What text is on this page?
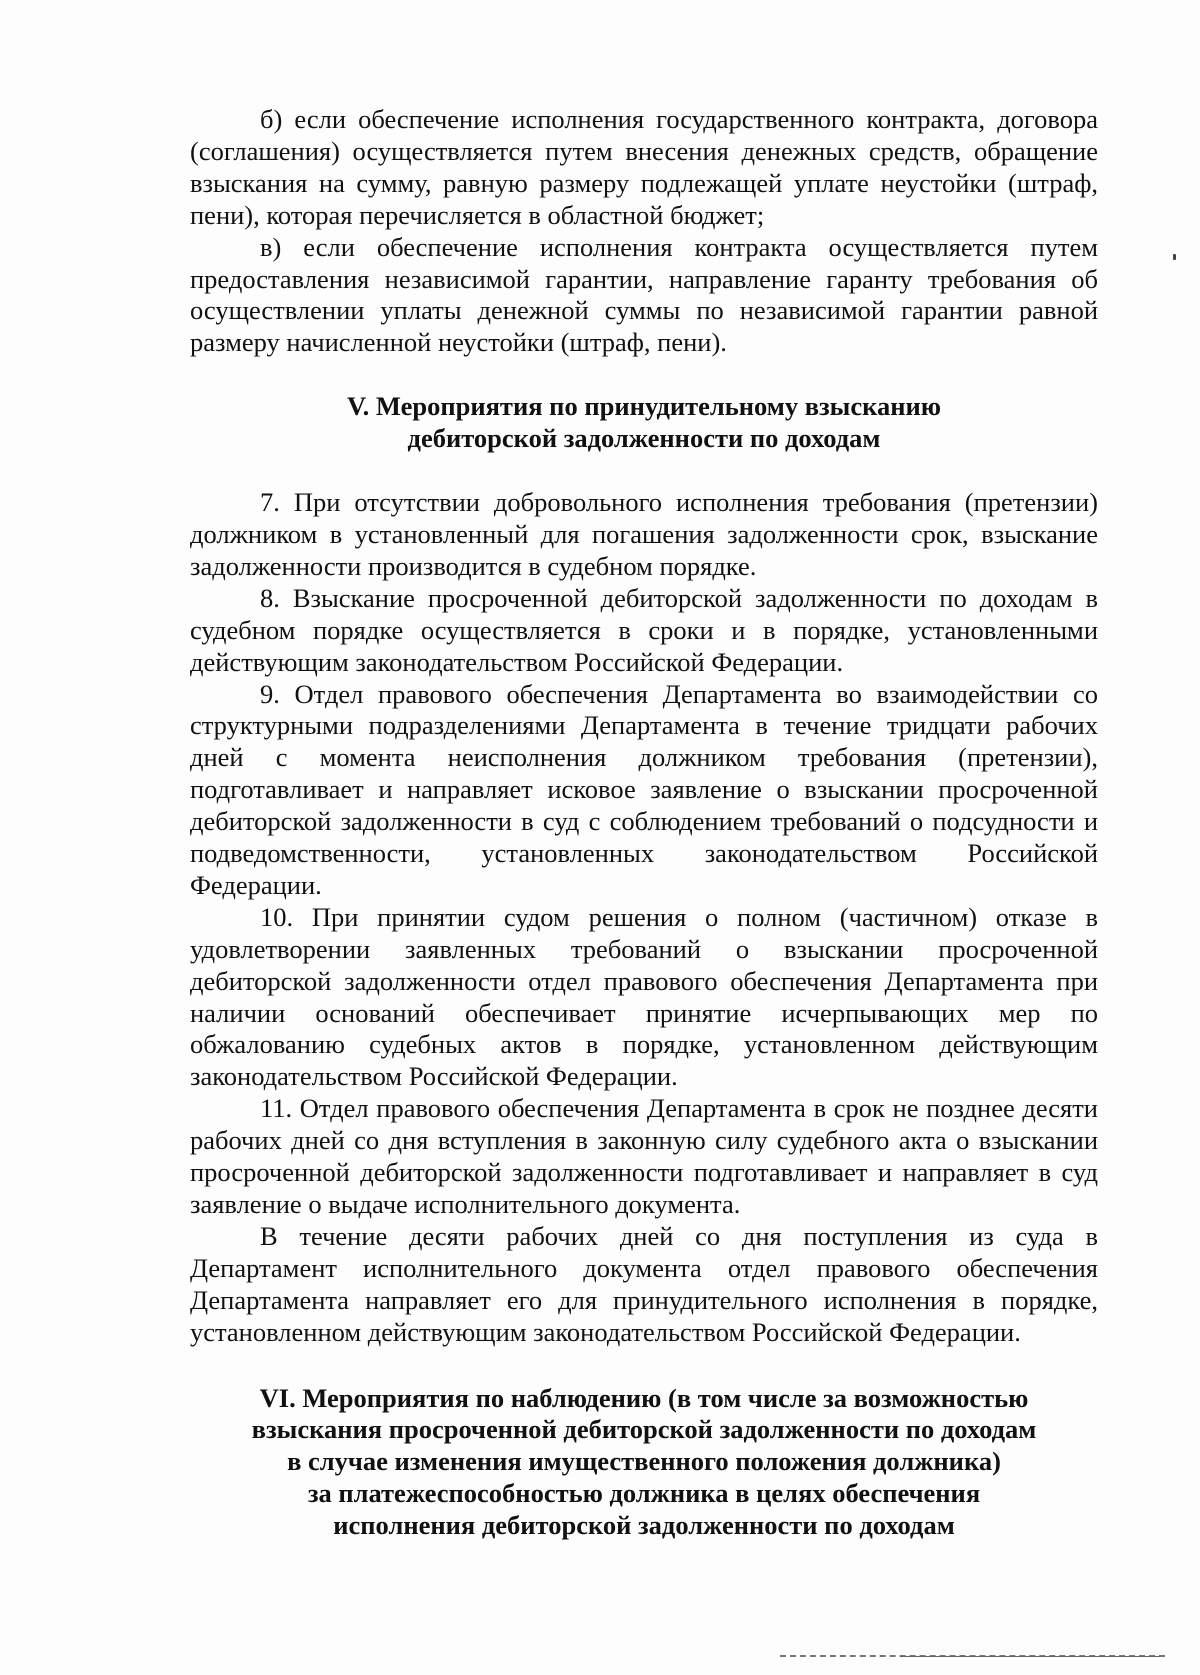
б) если обеспечение исполнения государственного контракта, договора (соглашения) осуществляется путем внесения денежных средств, обращение взыскания на сумму, равную размеру подлежащей уплате неустойки (штраф, пени), которая перечисляется в областной бюджет;

в) если обеспечение исполнения контракта осуществляется путем предоставления независимой гарантии, направление гаранту требования об осуществлении уплаты денежной суммы по независимой гарантии равной размеру начисленной неустойки (штраф, пени).

V. Мероприятия по принудительному взысканию
дебиторской задолженности по доходам

7. При отсутствии добровольного исполнения требования (претензии) должником в установленный для погашения задолженности срок, взыскание задолженности производится в судебном порядке.

8. Взыскание просроченной дебиторской задолженности по доходам в судебном порядке осуществляется в сроки и в порядке, установленными действующим законодательством Российской Федерации.

9. Отдел правового обеспечения Департамента во взаимодействии со структурными подразделениями Департамента в течение тридцати рабочих дней с момента неисполнения должником требования (претензии), подготавливает и направляет исковое заявление о взыскании просроченной дебиторской задолженности в суд с соблюдением требований о подсудности и подведомственности, установленных законодательством Российской Федерации.

10. При принятии судом решения о полном (частичном) отказе в удовлетворении заявленных требований о взыскании просроченной дебиторской задолженности отдел правового обеспечения Департамента при наличии оснований обеспечивает принятие исчерпывающих мер по обжалованию судебных актов в порядке, установленном действующим законодательством Российской Федерации.

11. Отдел правового обеспечения Департамента в срок не позднее десяти рабочих дней со дня вступления в законную силу судебного акта о взыскании просроченной дебиторской задолженности подготавливает и направляет в суд заявление о выдаче исполнительного документа.

В течение десяти рабочих дней со дня поступления из суда в Департамент исполнительного документа отдел правового обеспечения Департамента направляет его для принудительного исполнения в порядке, установленном действующим законодательством Российской Федерации.

VI. Мероприятия по наблюдению (в том числе за возможностью
взыскания просроченной дебиторской задолженности по доходам
в случае изменения имущественного положения должника)
за платежеспособностью должника в целях обеспечения
исполнения дебиторской задолженности по доходам
